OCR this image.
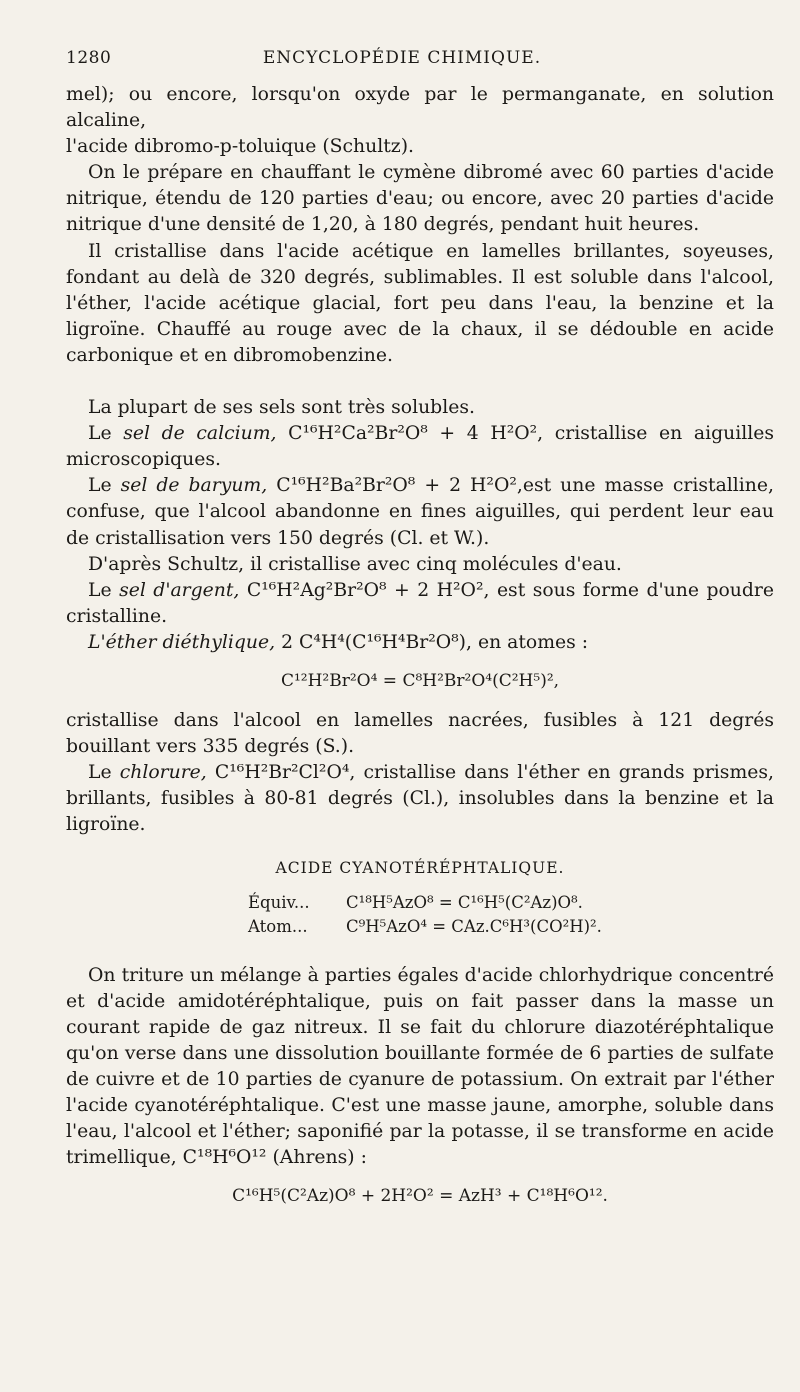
1280	ENCYCLOPÉDIE CHIMIQUE.

mel); ou encore, lorsqu'on oxyde par le permanganate, en solution alcaline,

l'acide dibromo-p-toluique (Schultz).

On le prépare en chauffant le cymène dibromé avec 60 parties d'acide nitrique, étendu de 120 parties d'eau; ou encore, avec 20 parties d'acide nitrique d'une densité de 1,20, à 180 degrés, pendant huit heures.

Il cristallise dans l'acide acétique en lamelles brillantes, soyeuses, fondant au delà de 320 degrés, sublimables. Il est soluble dans l'alcool, l'éther, l'acide acétique glacial, fort peu dans l'eau, la benzine et la ligroïne. Chauffé au rouge avec de la chaux, il se dédouble en acide carbonique et en dibromobenzine.

La plupart de ses sels sont très solubles.

Le sel de calcium, C¹⁶H²Ca²Br²O⁸ + 4 H²O², cristallise en aiguilles microscopiques.

Le sel de baryum, C¹⁶H²Ba²Br²O⁸ + 2 H²O²,est une masse cristalline, confuse, que l'alcool abandonne en fines aiguilles, qui perdent leur eau de cristallisation vers 150 degrés (Cl. et W.).

D'après Schultz, il cristallise avec cinq molécules d'eau.

Le sel d'argent, C¹⁶H²Ag²Br²O⁸ + 2 H²O², est sous forme d'une poudre cristalline.

L'éther diéthylique, 2 C⁴H⁴(C¹⁶H⁴Br²O⁸), en atomes :

C¹²H²Br²O⁴ = C⁸H²Br²O⁴(C²H⁵)²,

cristallise dans l'alcool en lamelles nacrées, fusibles à 121 degrés bouillant vers 335 degrés (S.).

Le chlorure, C¹⁶H²Br²Cl²O⁴, cristallise dans l'éther en grands prismes, brillants, fusibles à 80-81 degrés (Cl.), insolubles dans la benzine et la ligroïne.

ACIDE CYANOTÉRÉPHTALIQUE.
Équiv...	C¹⁸H⁵AzO⁸ = C¹⁶H⁵(C²Az)O⁸.
Atom...	C⁹H⁵AzO⁴ = CAz.C⁶H³(CO²H)².

On triture un mélange à parties égales d'acide chlorhydrique concentré et d'acide amidotéréphtalique, puis on fait passer dans la masse un courant rapide de gaz nitreux. Il se fait du chlorure diazotéréphtalique qu'on verse dans une dissolution bouillante formée de 6 parties de sulfate de cuivre et de 10 parties de cyanure de potassium. On extrait par l'éther l'acide cyanotéréphtalique. C'est une masse jaune, amorphe, soluble dans l'eau, l'alcool et l'éther; saponifié par la potasse, il se transforme en acide trimellique, C¹⁸H⁶O¹² (Ahrens) :

C¹⁶H⁵(C²Az)O⁸ + 2H²O² = AzH³ + C¹⁸H⁶O¹².
